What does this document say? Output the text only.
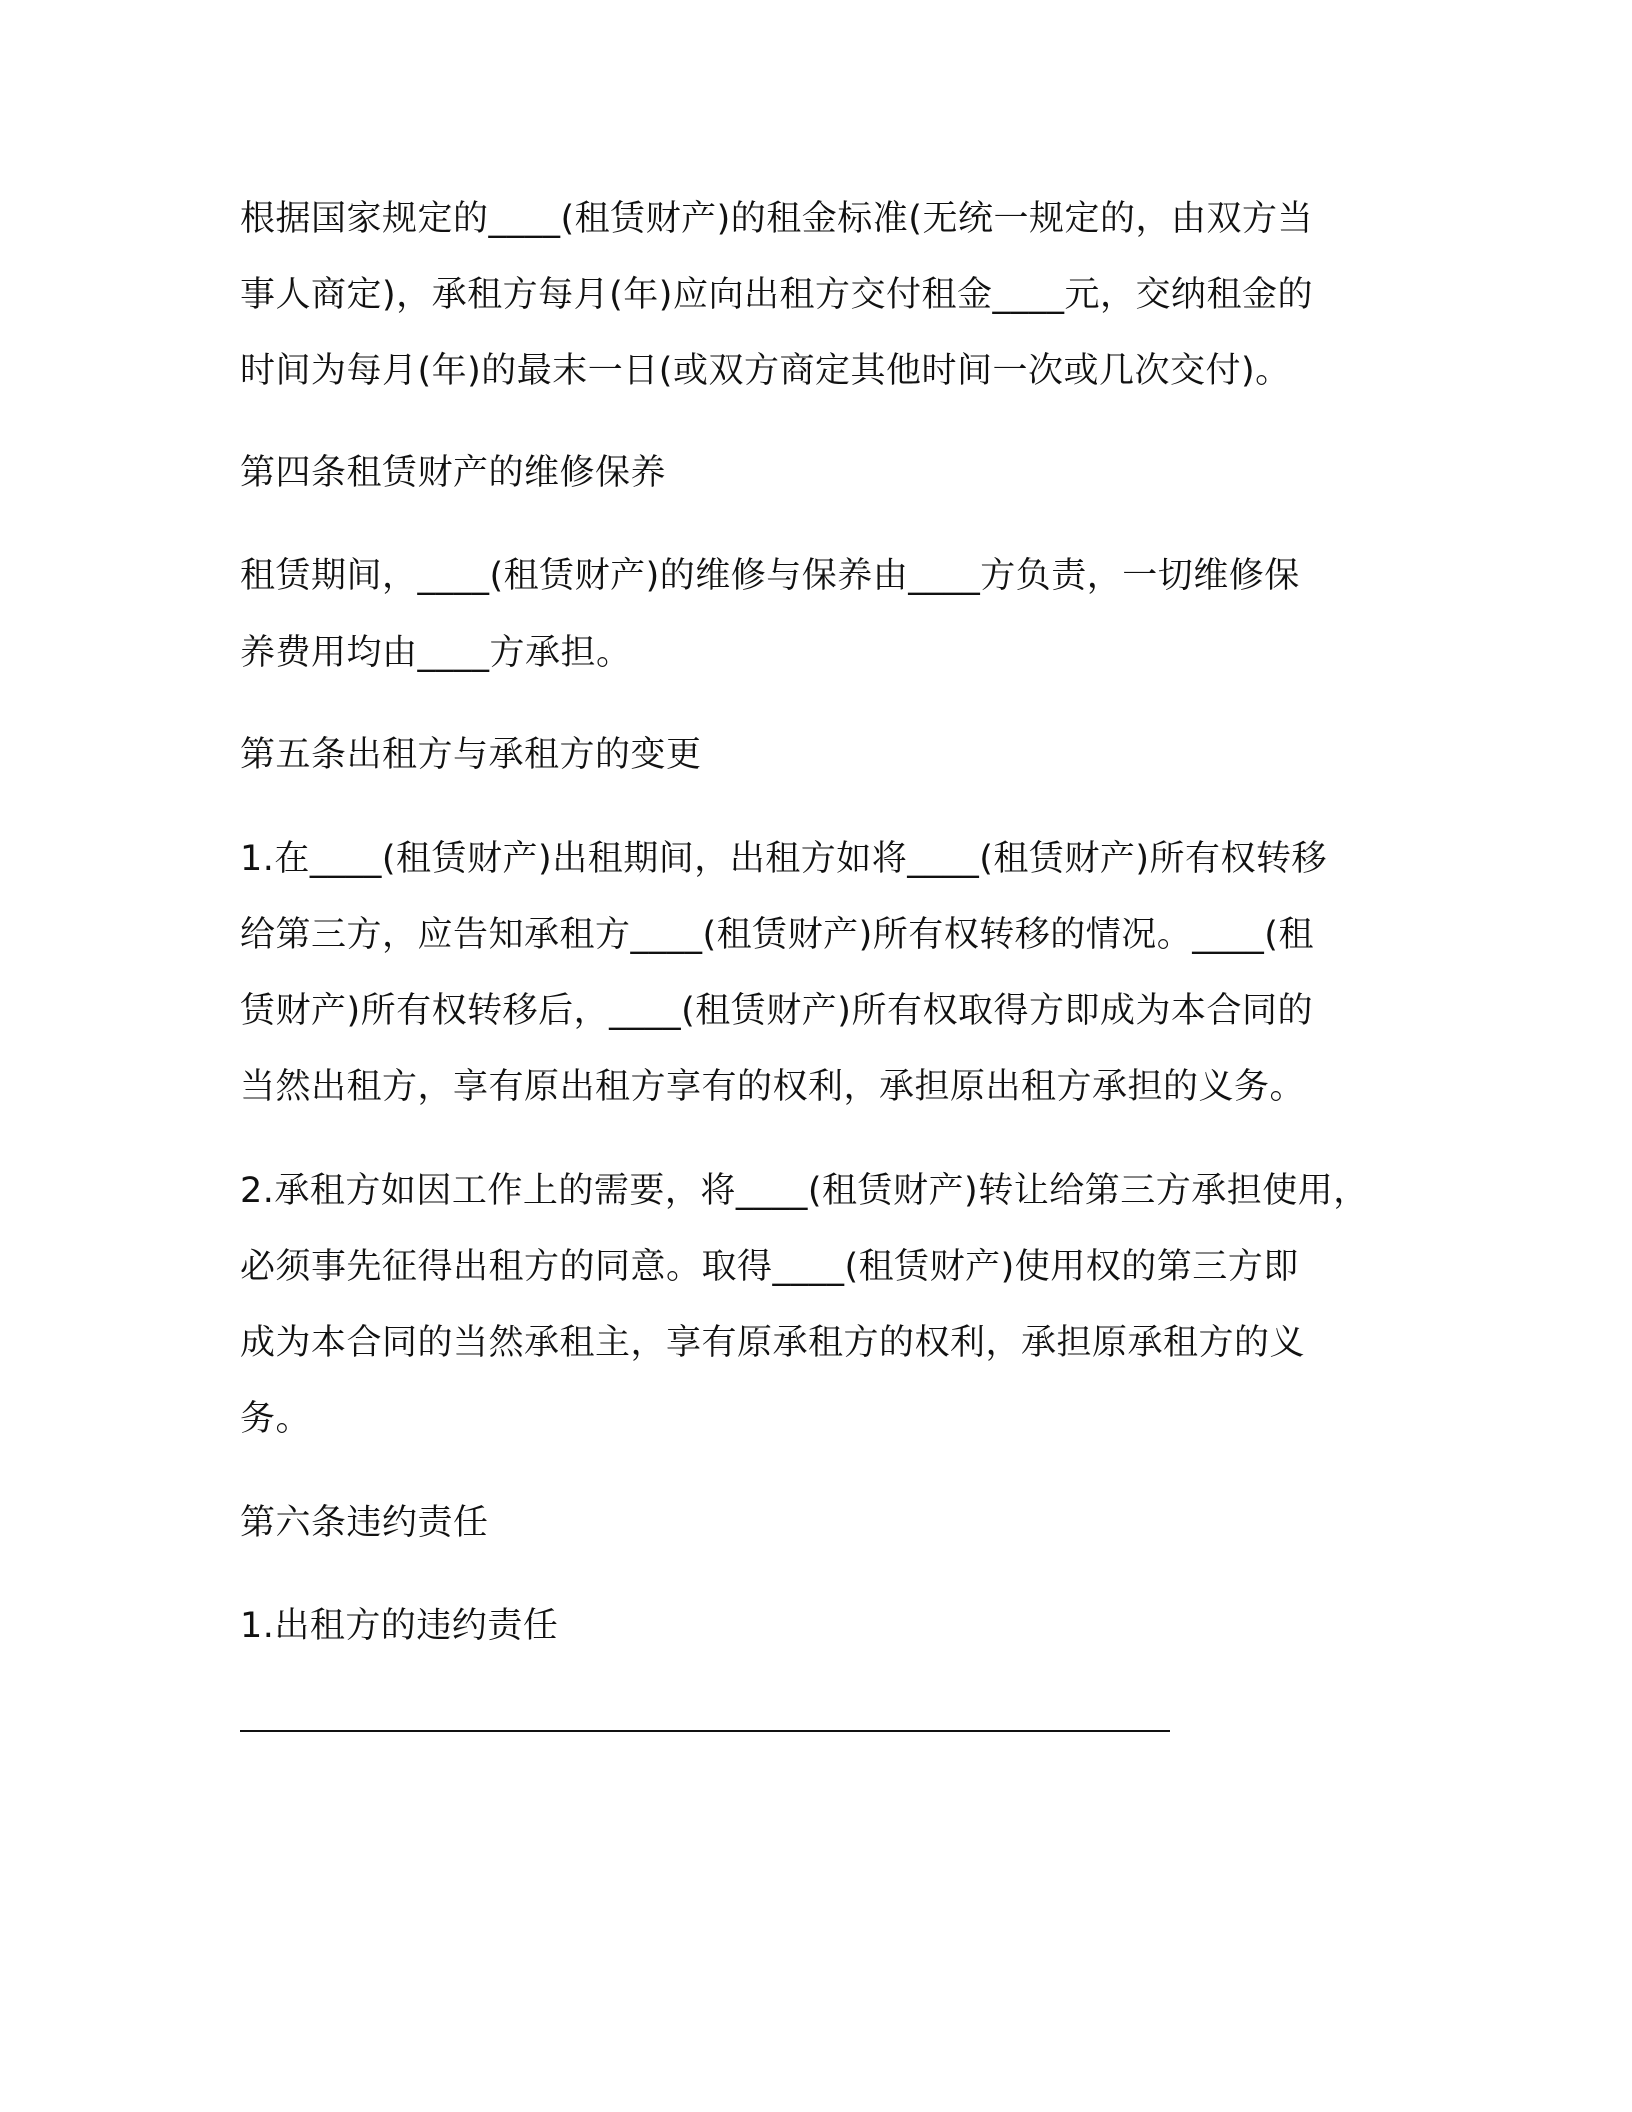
根据国家规定的____(租赁财产)的租金标准(无统一规定的，由双方当

事人商定)，承租方每月(年)应向出租方交付租金____元，交纳租金的

时间为每月(年)的最末一日(或双方商定其他时间一次或几次交付)。

第四条租赁财产的维修保养

租赁期间，____(租赁财产)的维修与保养由____方负责，一切维修保

养费用均由____方承担。

第五条出租方与承租方的变更

1.在____(租赁财产)出租期间，出租方如将____(租赁财产)所有权转移

给第三方，应告知承租方____(租赁财产)所有权转移的情况。____(租

赁财产)所有权转移后，____(租赁财产)所有权取得方即成为本合同的

当然出租方，享有原出租方享有的权利，承担原出租方承担的义务。

2.承租方如因工作上的需要，将____(租赁财产)转让给第三方承担使用，

必须事先征得出租方的同意。取得____(租赁财产)使用权的第三方即

成为本合同的当然承租主，享有原承租方的权利，承担原承租方的义

务。

第六条违约责任

1.出租方的违约责任
